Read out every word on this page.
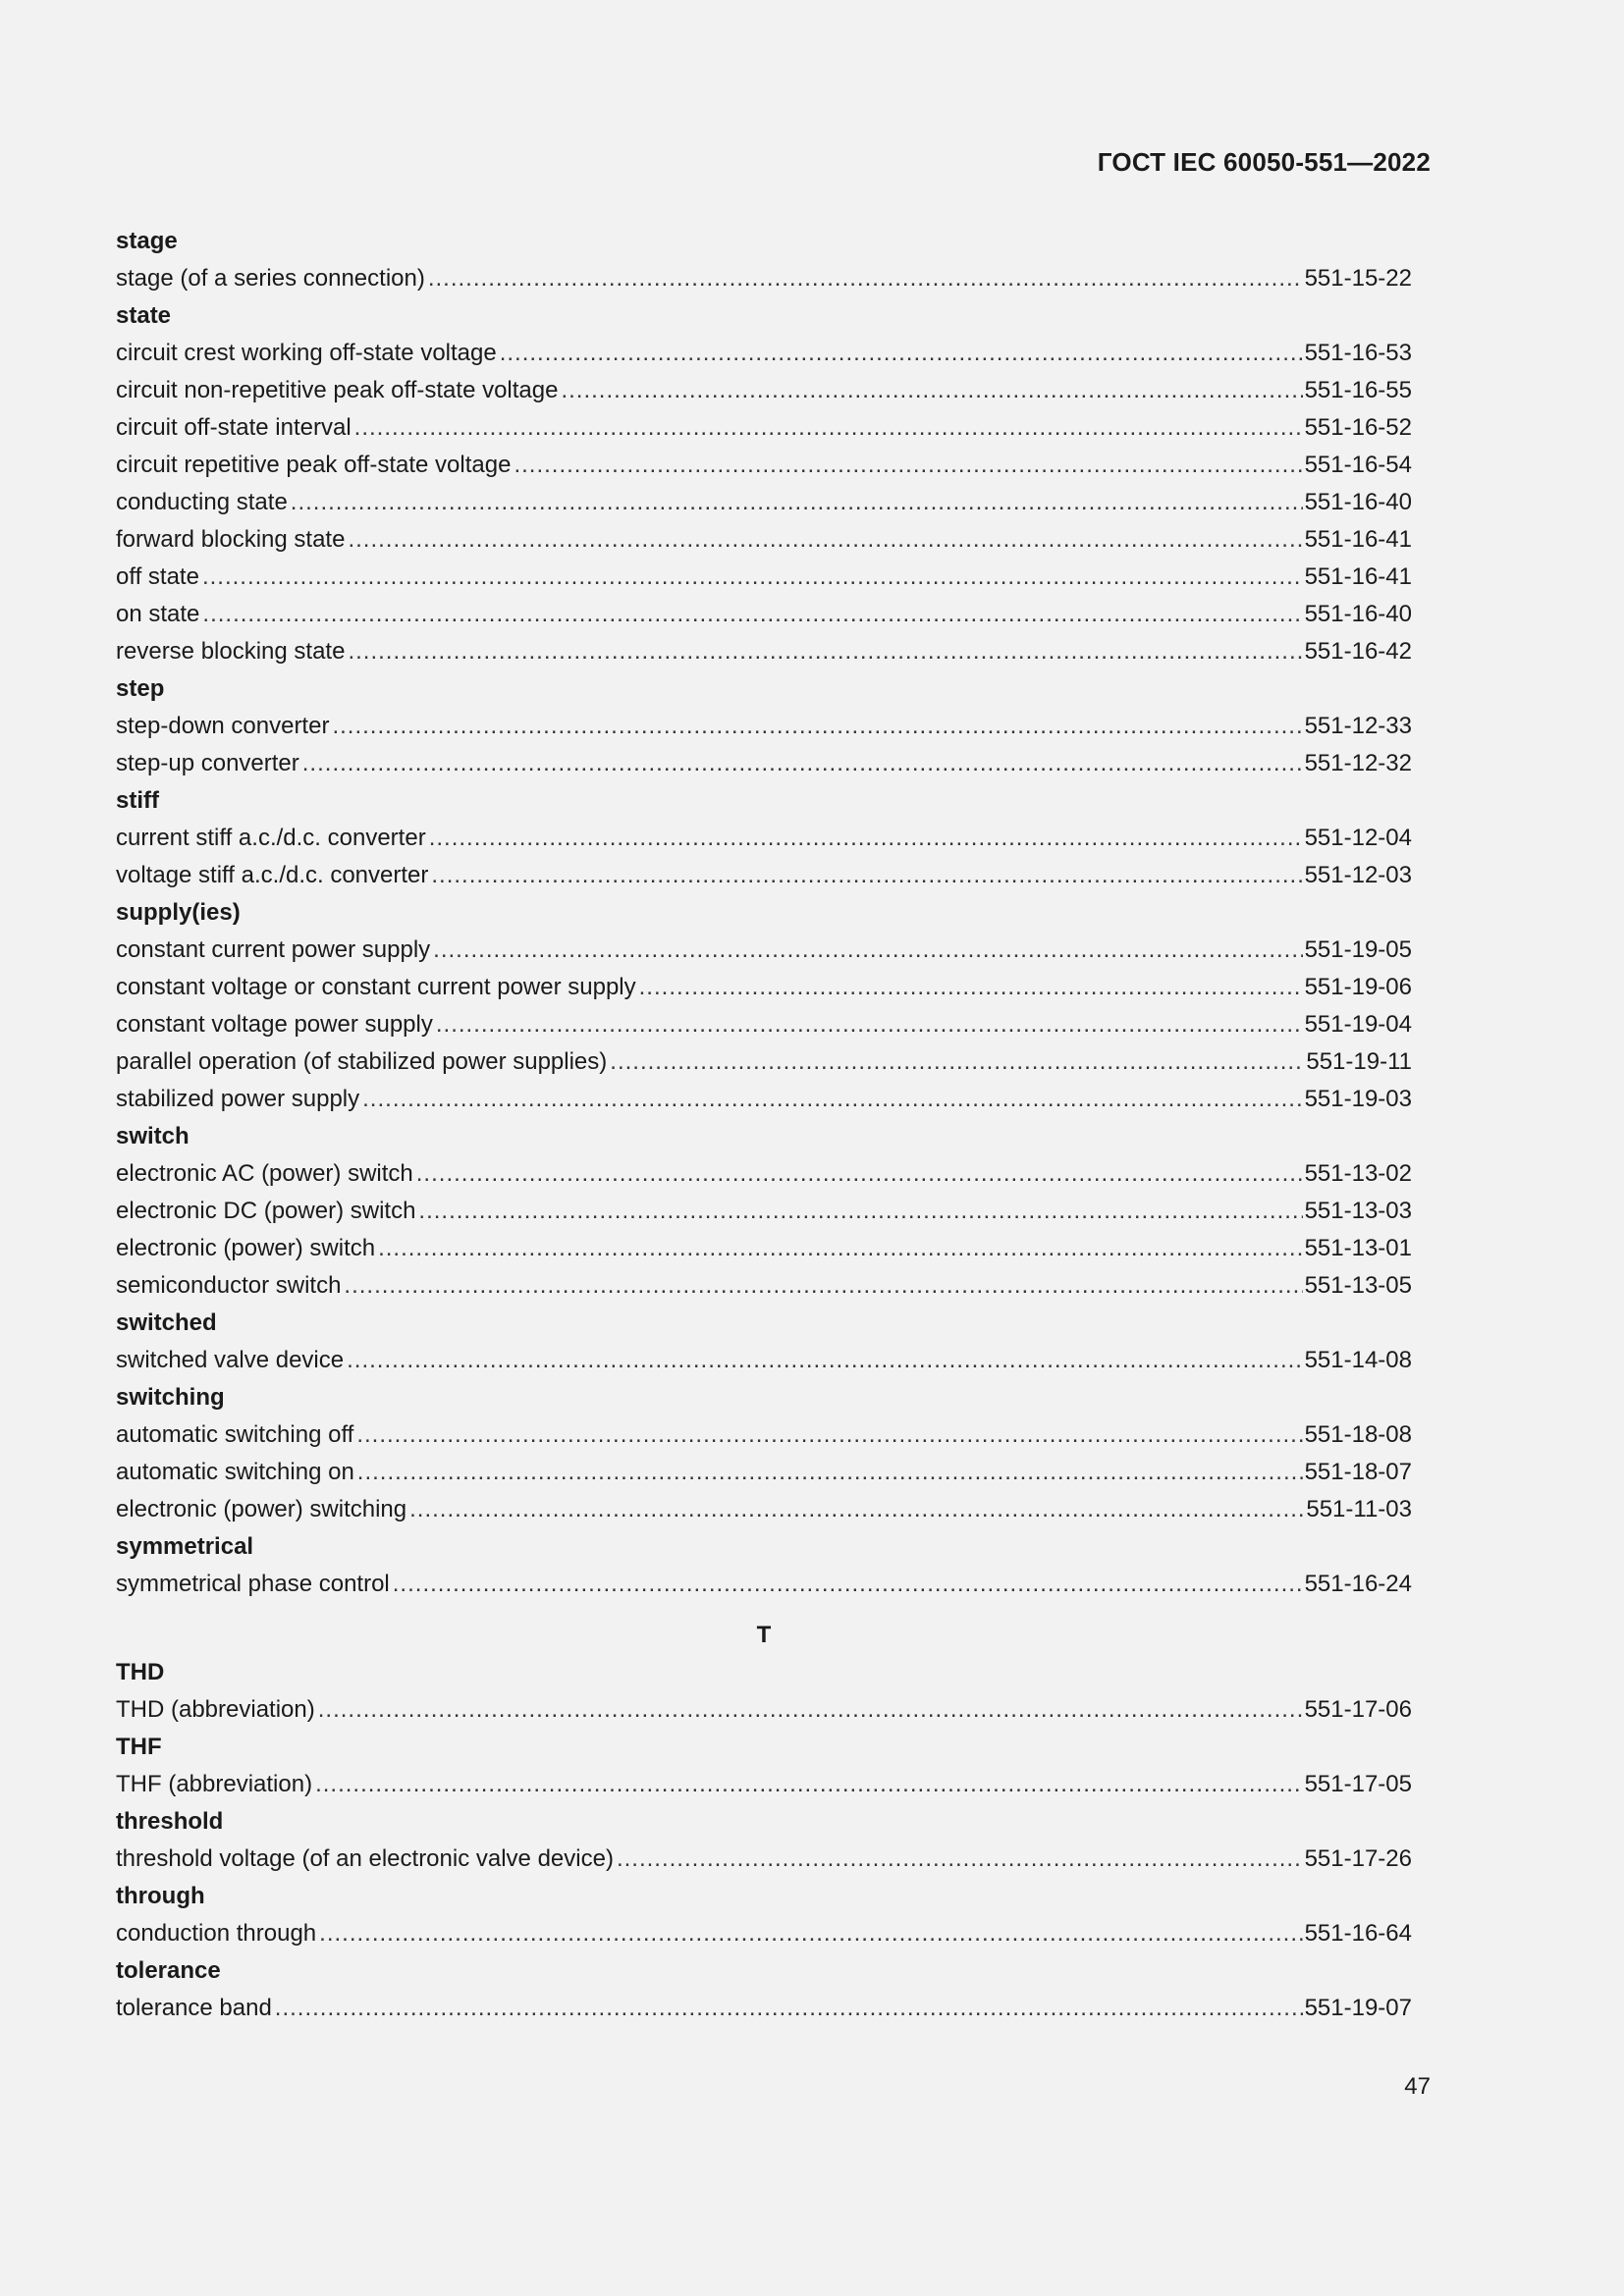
ГОСТ IEC 60050-551—2022
stage
stage (of a series connection) .....	551-15-22
state
circuit crest working off-state voltage .....	551-16-53
circuit non-repetitive peak off-state voltage .....	551-16-55
circuit off-state interval .....	551-16-52
circuit repetitive peak off-state voltage .....	551-16-54
conducting state .....	551-16-40
forward blocking state .....	551-16-41
off state .....	551-16-41
on state .....	551-16-40
reverse blocking state .....	551-16-42
step
step-down converter .....	551-12-33
step-up converter .....	551-12-32
stiff
current stiff a.c./d.c. converter .....	551-12-04
voltage stiff a.c./d.c. converter .....	551-12-03
supply(ies)
constant current power supply .....	551-19-05
constant voltage or constant current power supply .....	551-19-06
constant voltage power supply .....	551-19-04
parallel operation (of stabilized power supplies) .....	551-19-11
stabilized power supply .....	551-19-03
switch
electronic AC (power) switch .....	551-13-02
electronic DC (power) switch .....	551-13-03
electronic (power) switch .....	551-13-01
semiconductor switch .....	551-13-05
switched
switched valve device .....	551-14-08
switching
automatic switching off .....	551-18-08
automatic switching on .....	551-18-07
electronic (power) switching .....	551-11-03
symmetrical
symmetrical phase control .....	551-16-24
T
THD
THD (abbreviation) .....	551-17-06
THF
THF (abbreviation) .....	551-17-05
threshold
threshold voltage (of an electronic valve device) .....	551-17-26
through
conduction through .....	551-16-64
tolerance
tolerance band .....	551-19-07
47
